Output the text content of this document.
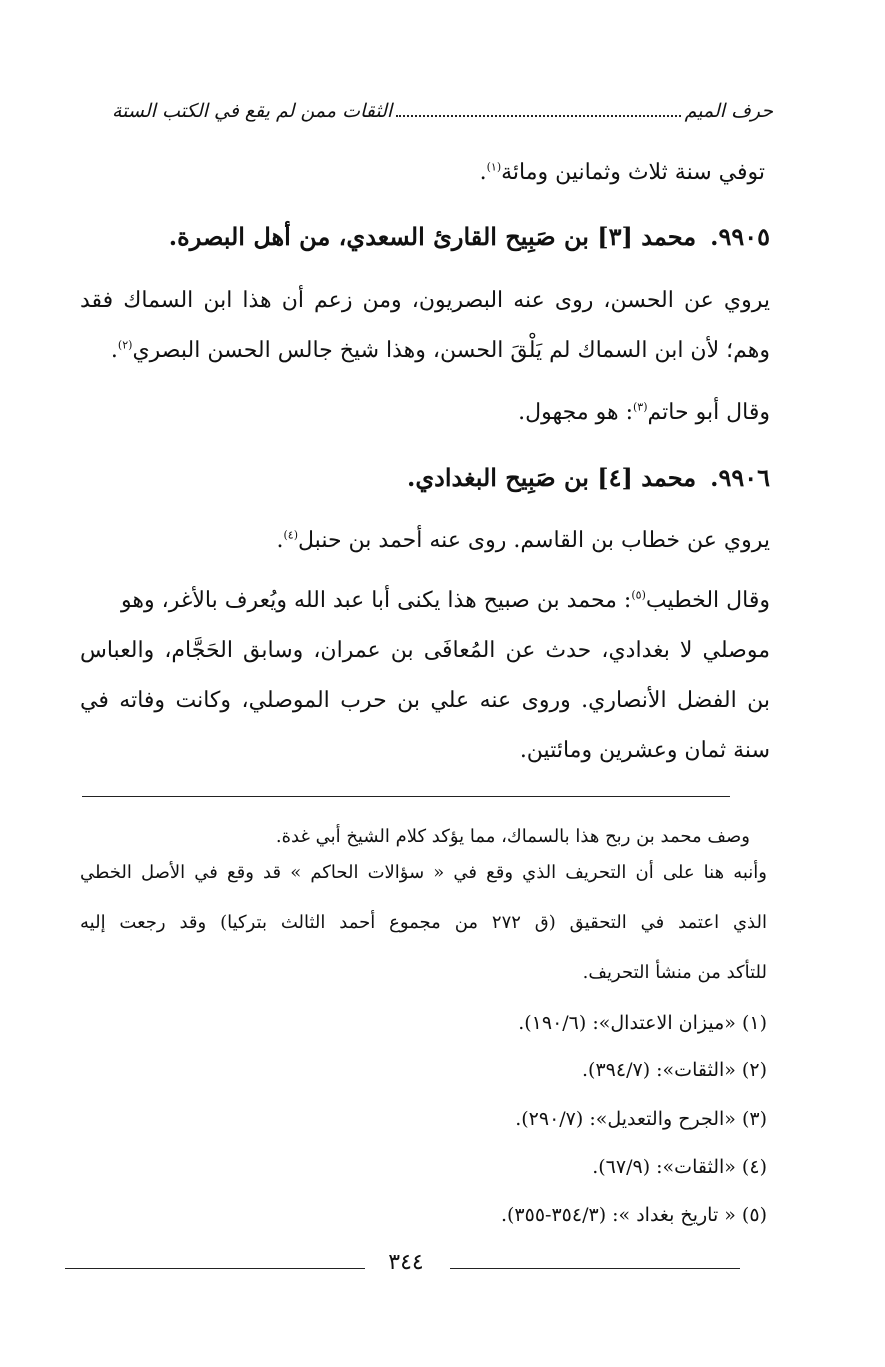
حرف الميم
الثقات ممن لم يقع في الكتب الستة
توفي سنة ثلاث وثمانين ومائة$^{(١)}$.
٩٩٠٥.محمد [٣] بن صَبِيح القارئ السعدي، من أهل البصرة.
يروي عن الحسن، روى عنه البصريون، ومن زعم أن هذا ابن السماك فقد
وهم؛ لأن ابن السماك لم يَلْقَ الحسن، وهذا شيخ جالس الحسن البصري$^{(٢)}$.
وقال أبو حاتم$^{(٣)}$: هو مجهول.
٩٩٠٦.محمد [٤] بن صَبِيح البغدادي.
يروي عن خطاب بن القاسم. روى عنه أحمد بن حنبل$^{(٤)}$.
وقال الخطيب$^{(٥)}$: محمد بن صبيح هذا يكنى أبا عبد الله ويُعرف بالأغر، وهو
موصلي لا بغدادي، حدث عن المُعافَى بن عمران، وسابق الحَجَّام، والعباس
بن الفضل الأنصاري. وروى عنه علي بن حرب الموصلي، وكانت وفاته في
سنة ثمان وعشرين ومائتين.
وصف محمد بن ربح هذا بالسماك، مما يؤكد كلام الشيخ أبي غدة.
وأنبه هنا على أن التحريف الذي وقع في « سؤالات الحاكم » قد وقع في الأصل الخطي
الذي اعتمد في التحقيق (ق ٢٧٢ من مجموع أحمد الثالث بتركيا) وقد رجعت إليه
للتأكد من منشأ التحريف.
(١) «ميزان الاعتدال»: (١٩٠/٦).
(٢) «الثقات»: (٣٩٤/٧).
(٣) «الجرح والتعديل»: (٢٩٠/٧).
(٤) «الثقات»: (٦٧/٩).
(٥) « تاريخ بغداد »: (٣٥٤/٣-٣٥٥).
٣٤٤
